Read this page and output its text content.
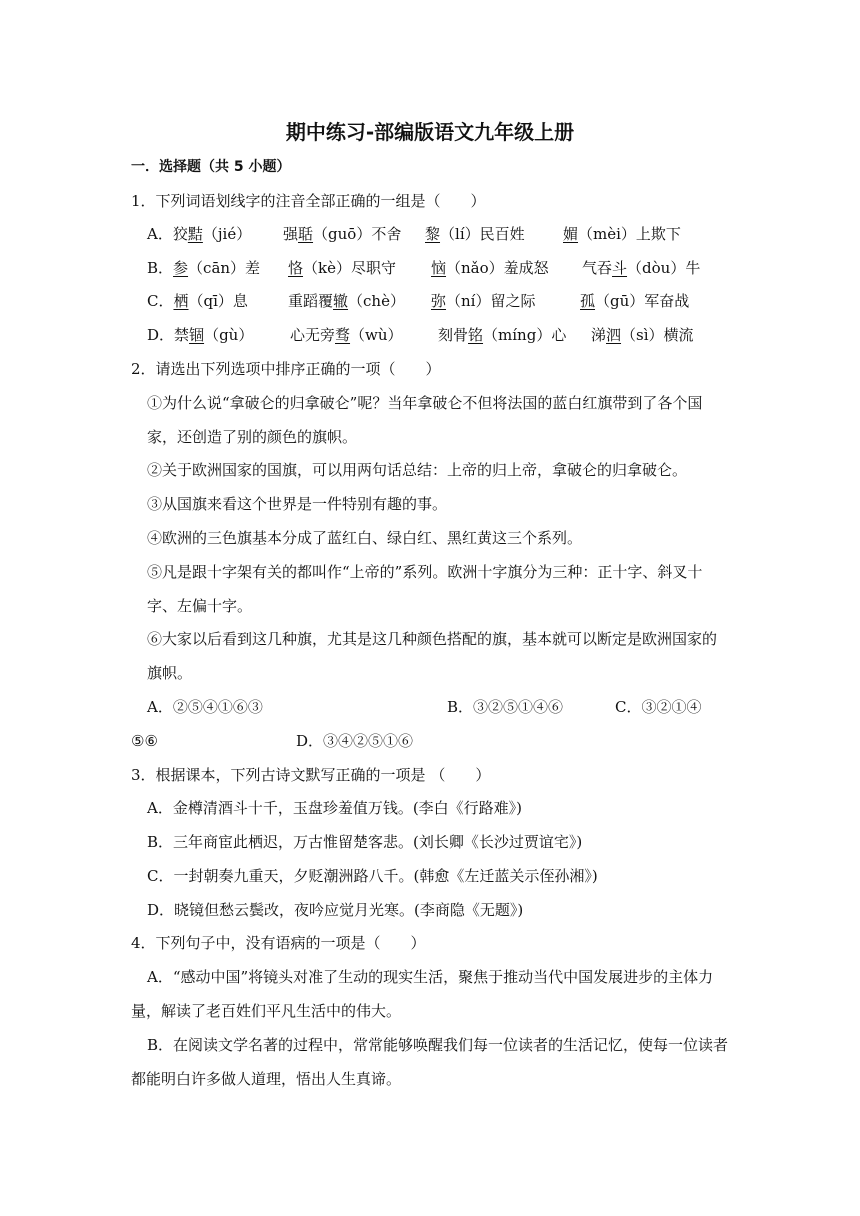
期中练习-部编版语文九年级上册
一．选择题（共 5 小题）
1．下列词语划线字的注音全部正确的一组是（　　）
A．狡黠（jié） 强聒（guō）不舍 黎（lí）民百姓	媚（mèi）上欺下
B．参（cān）差 恪（kè）尽职守 恼（nǎo）羞成怒 气吞斗（dòu）牛
C．栖（qī）息	重蹈覆辙（chè） 弥（ní）留之际	孤（gū）军奋战
D．禁锢（gù） 心无旁骛（wù） 刻骨铭（míng）心 涕泗（sì）横流
2．请选出下列选项中排序正确的一项（　　）
①为什么说“拿破仑的归拿破仑”呢？当年拿破仑不但将法国的蓝白红旗带到了各个国
家，还创造了别的颜色的旗帜。
②关于欧洲国家的国旗，可以用两句话总结：上帝的归上帝，拿破仑的归拿破仑。
③从国旗来看这个世界是一件特别有趣的事。
④欧洲的三色旗基本分成了蓝红白、绿白红、黑红黄这三个系列。
⑤凡是跟十字架有关的都叫作“上帝的”系列。欧洲十字旗分为三种：正十字、斜叉十
字、左偏十字。
⑥大家以后看到这几种旗，尤其是这几种颜色搭配的旗，基本就可以断定是欧洲国家的
旗帜。
A．②⑤④①⑥③	B．③②⑤①④⑥	C．③②①④
⑤⑥	D．③④②⑤①⑥
3．根据课本，下列古诗文默写正确的一项是 （　　）
A．金樽清酒斗十千，玉盘珍羞值万钱。(李白《行路难》)
B．三年商宦此栖迟，万古惟留楚客悲。(刘长卿《长沙过贾谊宅》)
C．一封朝奏九重天，夕贬潮洲路八千。(韩愈《左迁蓝关示侄孙湘》)
D．晓镜但愁云鬓改，夜吟应觉月光寒。(李商隐《无题》)
4．下列句子中，没有语病的一项是（　　）
A．“感动中国”将镜头对准了生动的现实生活，聚焦于推动当代中国发展进步的主体力
量，解读了老百姓们平凡生活中的伟大。
B．在阅读文学名著的过程中，常常能够唤醒我们每一位读者的生活记忆，使每一位读者
都能明白许多做人道理，悟出人生真谛。
